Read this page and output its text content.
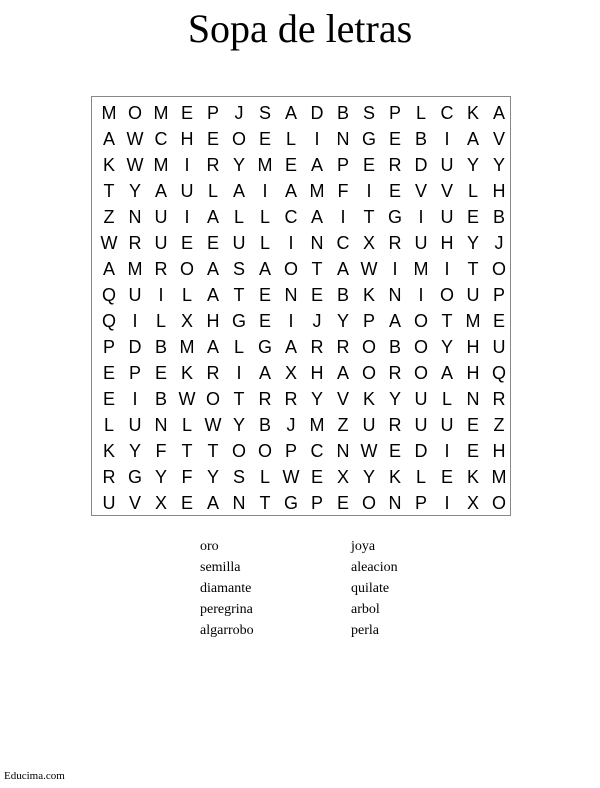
Sopa de letras
M O M E P J S A D B S P L C K A
A W C H E O E L	I N G E B I A V
K W M I R Y M E A P E R D U Y Y
T Y A U L A I A M F I E V V L H
Z N U I A L L C A I	T G I U E B
W R U E E U L	I N C X R U H Y J
A M R O A S A O T A W I M I	T O
Q U I	L A T E N E B K N I O U P
Q I	L X H G E I	J Y P A O T M E
P D B M A L G A R R O B O Y H U
E P E K R I A X H A O R O A H Q
E I B W O T R R Y V K Y U L N R
L U N L W Y B J M Z U R U U E Z
K Y F T T O O P C N W E D I E H
R G Y F Y S L W E X Y K L E K M
U V X E A N T G P E O N P I X O
oro
semilla
diamante
peregrina
algarrobo
joya
aleacion
quilate
arbol
perla
Educima.com
